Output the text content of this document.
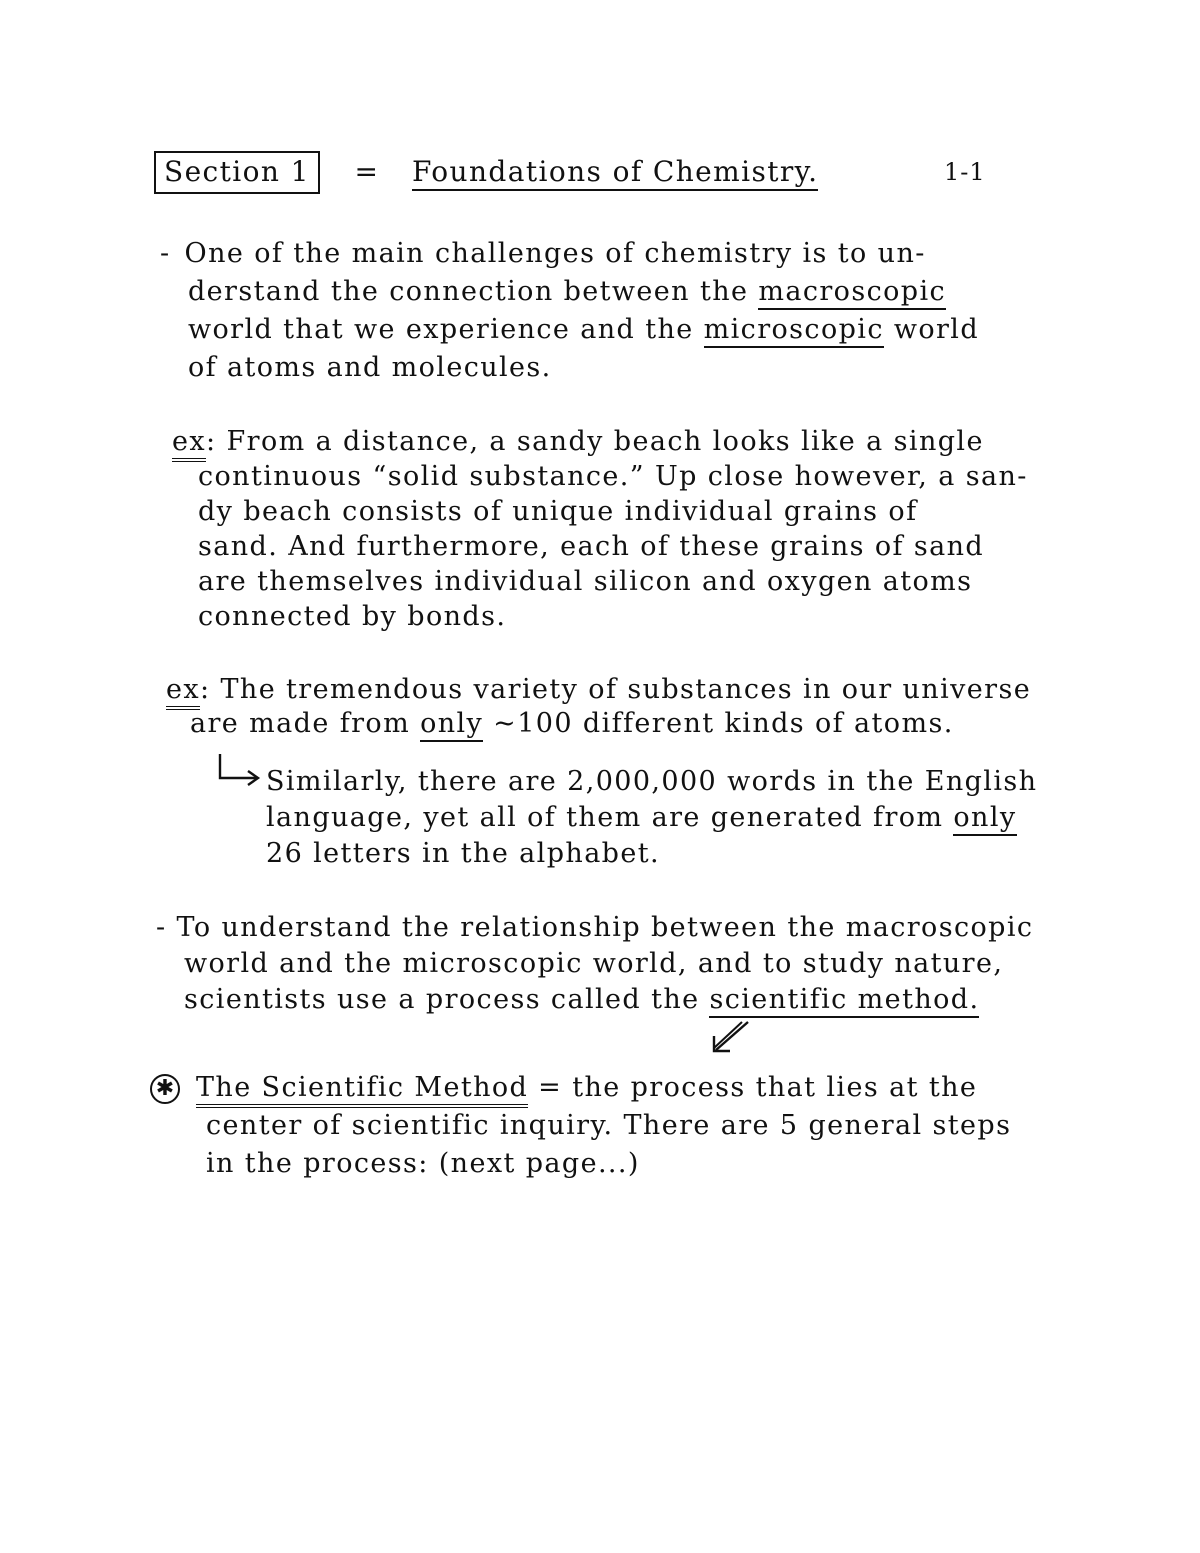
Section 1 = Foundations of Chemistry.	1-1
- One of the main challenges of chemistry is to un-
derstand the connection between the macroscopic
world that we experience and the microscopic world
of atoms and molecules.
ex: From a distance, a sandy beach looks like a single
continuous “solid substance.” Up close however, a san-
dy beach consists of unique individual grains of
sand. And furthermore, each of these grains of sand
are themselves individual silicon and oxygen atoms
connected by bonds.
ex: The tremendous variety of substances in our universe
are made from only ~100 different kinds of atoms.
Similarly, there are 2,000,000 words in the English
language, yet all of them are generated from only
26 letters in the alphabet.
- To understand the relationship between the macroscopic
world and the microscopic world, and to study nature,
scientists use a process called the scientific method.
✱ The Scientific Method = the process that lies at the
center of scientific inquiry. There are 5 general steps
in the process: (next page...)
